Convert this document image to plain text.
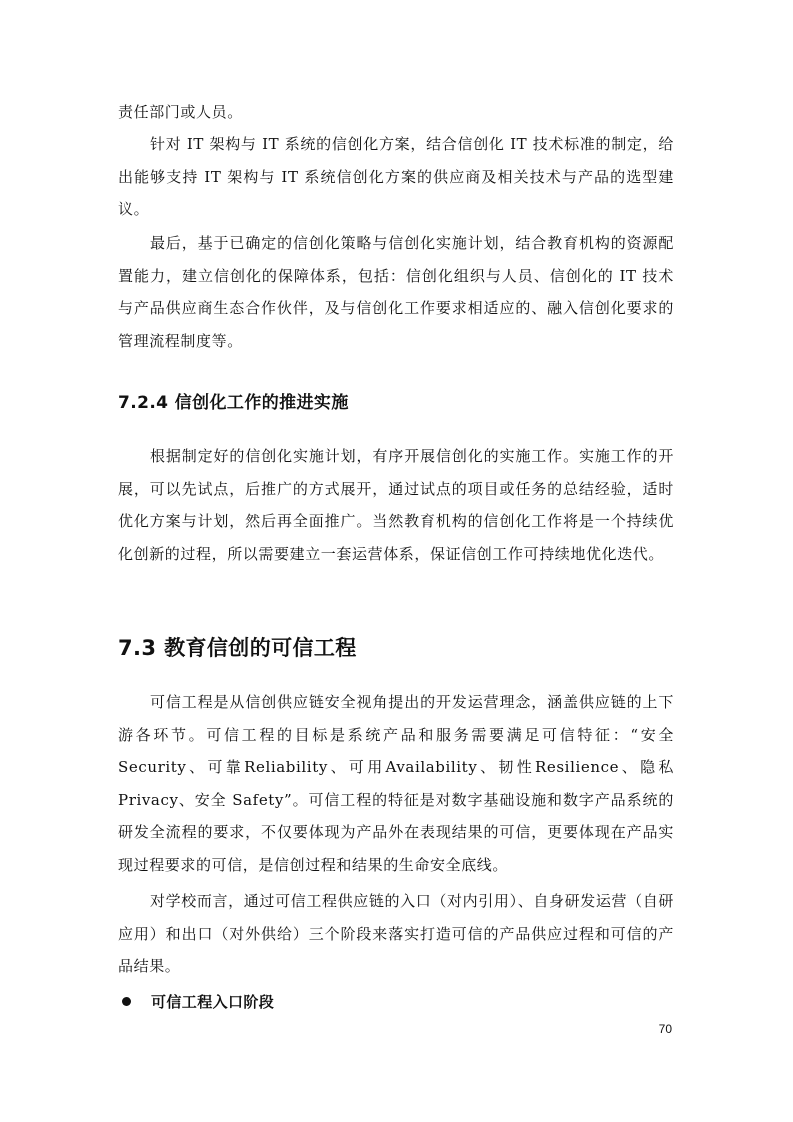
责任部门或人员。

针对 IT 架构与 IT 系统的信创化方案，结合信创化 IT 技术标准的制定，给出能够支持 IT 架构与 IT 系统信创化方案的供应商及相关技术与产品的选型建议。

最后，基于已确定的信创化策略与信创化实施计划，结合教育机构的资源配置能力，建立信创化的保障体系，包括：信创化组织与人员、信创化的 IT 技术与产品供应商生态合作伙伴，及与信创化工作要求相适应的、融入信创化要求的管理流程制度等。

7.2.4 信创化工作的推进实施

根据制定好的信创化实施计划，有序开展信创化的实施工作。实施工作的开展，可以先试点，后推广的方式展开，通过试点的项目或任务的总结经验，适时优化方案与计划，然后再全面推广。当然教育机构的信创化工作将是一个持续优化创新的过程，所以需要建立一套运营体系，保证信创工作可持续地优化迭代。

7.3 教育信创的可信工程

可信工程是从信创供应链安全视角提出的开发运营理念，涵盖供应链的上下游各环节。可信工程的目标是系统产品和服务需要满足可信特征：“安全 Security、可靠Reliability、可用Availability、韧性Resilience、隐私Privacy、安全 Safety”。可信工程的特征是对数字基础设施和数字产品系统的研发全流程的要求，不仅要体现为产品外在表现结果的可信，更要体现在产品实现过程要求的可信，是信创过程和结果的生命安全底线。

对学校而言，通过可信工程供应链的入口（对内引用）、自身研发运营（自研应用）和出口（对外供给）三个阶段来落实打造可信的产品供应过程和可信的产品结果。

可信工程入口阶段
70
